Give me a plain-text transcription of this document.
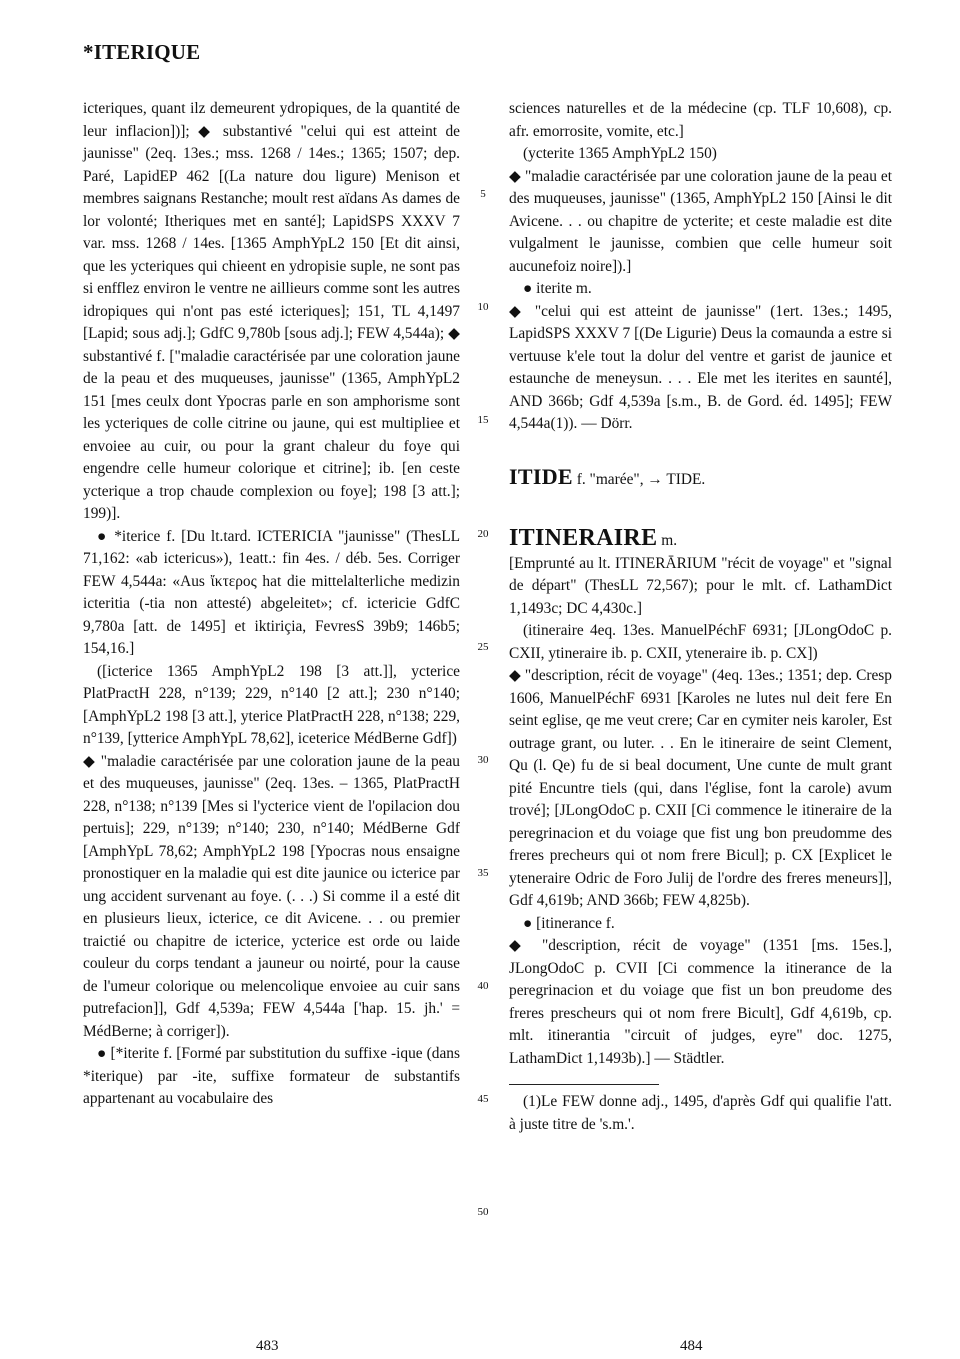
*ITERIQUE

icteriques, quant ilz demeurent ydropiques, de la quantité de leur inflacion])]; ◆ substantivé "celui qui est atteint de jaunisse" (2eq. 13es.; mss. 1268 / 14es.; 1365; 1507; dep. Paré, LapidEP 462 [(La nature dou ligure) Menison et membres saignans Restanche; moult rest aïdans As dames de lor volonté; Itheriques met en santé]; LapidSPS XXXV 7 var. mss. 1268 / 14es. [1365 AmphYpL2 150 [Et dit ainsi, que les ycteriques qui chieent en ydropisie suple, ne sont pas si enfflez environ le ventre ne aillieurs comme sont les autres idropiques qui n'ont pas esté icteriques]; 151, TL 4,1497 [Lapid; sous adj.]; GdfC 9,780b [sous adj.]; FEW 4,544a); ◆ substantivé f. ["maladie caractérisée par une coloration jaune de la peau et des muqueuses, jaunisse" (1365, AmphYpL2 151 [mes ceulx dont Ypocras parle en son amphorisme sont les ycteriques de colle citrine ou jaune, qui est multipliee et envoiee au cuir, ou pour la grant chaleur du foye qui engendre celle humeur colorique et citrine]; ib. [en ceste ycterique a trop chaude complexion ou foye]; 198 [3 att.]; 199)].

● *iterice f. [Du lt.tard. ICTERICIA "jaunisse" (ThesLL 71,162: «ab ictericus»), 1eatt.: fin 4es. / déb. 5es. Corriger FEW 4,544a: «Aus ἴκτερος hat die mittelalterliche medizin icteritia (-tia non attesté) abgeleitet»; cf. ictericie GdfC 9,780a [att. de 1495] et iktiriçia, FevresS 39b9; 146b5; 154,16.]

([icterice 1365 AmphYpL2 198 [3 att.]], ycterice PlatPractH 228, n°139; 229, n°140 [2 att.]; 230 n°140; [AmphYpL2 198 [3 att.], yterice PlatPractH 228, n°138; 229, n°139, [ytterice AmphYpL 78,62], iceterice MédBerne Gdf])

◆ "maladie caractérisée par une coloration jaune de la peau et des muqueuses, jaunisse" (2eq. 13es. – 1365, PlatPractH 228, n°138; n°139 [Mes si l'ycterice vient de l'opilacion dou pertuis]; 229, n°139; n°140; 230, n°140; MédBerne Gdf [AmphYpL 78,62; AmphYpL2 198 [Ypocras nous ensaigne pronostiquer en la maladie qui est dite jaunice ou icterice par ung accident survenant au foye. (. . .) Si comme il a esté dit en plusieurs lieux, icterice, ce dit Avicene. . . ou premier traictié ou chapitre de icterice, ycterice est orde ou laide couleur du corps tendant a jauneur ou noirté, pour la cause de l'umeur colorique ou melencolique envoiee au cuir sans putrefacion]], Gdf 4,539a; FEW 4,544a ['hap. 15. jh.' = MédBerne; à corriger]).

● [*iterite f. [Formé par substitution du suffixe -ique (dans *iterique) par -ite, suffixe formateur de substantifs appartenant au vocabulaire des

5
10
15
20
25
30
35
40
45
50

sciences naturelles et de la médecine (cp. TLF 10,608), cp. afr. emorrosite, vomite, etc.]

(ycterite 1365 AmphYpL2 150)

◆ "maladie caractérisée par une coloration jaune de la peau et des muqueuses, jaunisse" (1365, AmphYpL2 150 [Ainsi le dit Avicene. . . ou chapitre de ycterite; et ceste maladie est dite vulgalment le jaunisse, combien que celle humeur soit aucunefoiz noire]).]

● iterite m.

◆ "celui qui est atteint de jaunisse" (1ert. 13es.; 1495, LapidSPS XXXV 7 [(De Ligurie) Deus la comaunda a estre si vertuuse k'ele tout la dolur del ventre et garist de jaunice et estaunche de meneysun. . . . Ele met les iterites en saunté], AND 366b; Gdf 4,539a [s.m., B. de Gord. éd. 1495]; FEW 4,544a(1)). — Dörr.

ITIDE f. "marée", → TIDE.

ITINERAIRE m.

[Emprunté au lt. ITINERĀRIUM "récit de voyage" et "signal de départ" (ThesLL 72,567); pour le mlt. cf. LathamDict 1,1493c; DC 4,430c.]

(itineraire 4eq. 13es. ManuelPéchF 6931; [JLongOdoC p. CXII, ytineraire ib. p. CXII, yteneraire ib. p. CX])

◆ "description, récit de voyage" (4eq. 13es.; 1351; dep. Cresp 1606, ManuelPéchF 6931 [Karoles ne lutes nul deit fere En seint eglise, qe me veut crere; Car en cymiter neis karoler, Est outrage grant, ou luter. . . En le itineraire de seint Clement, Qu (l. Qe) fu de si beal document, Une cunte de mult grant pité Encuntre tiels (qui, dans l'église, font la carole) avum trové]; [JLongOdoC p. CXII [Ci commence le itineraire de la peregrinacion et du voiage que fist ung bon preudomme des freres precheurs qui ot nom frere Bicul]; p. CX [Explicet le yteneraire Odric de Foro Julij de l'ordre des freres meneurs]], Gdf 4,619b; AND 366b; FEW 4,825b).

● [itinerance f.

◆ "description, récit de voyage" (1351 [ms. 15es.], JLongOdoC p. CVII [Ci commence la itinerance de la peregrinacion et du voiage que fist un bon preudome des freres prescheurs qui ot nom frere Bicult], Gdf 4,619b, cp. mlt. itinerantia "circuit of judges, eyre" doc. 1275, LathamDict 1,1493b).] — Städtler.

(1)Le FEW donne adj., 1495, d'après Gdf qui qualifie l'att. à juste titre de 's.m.'.

483	484
